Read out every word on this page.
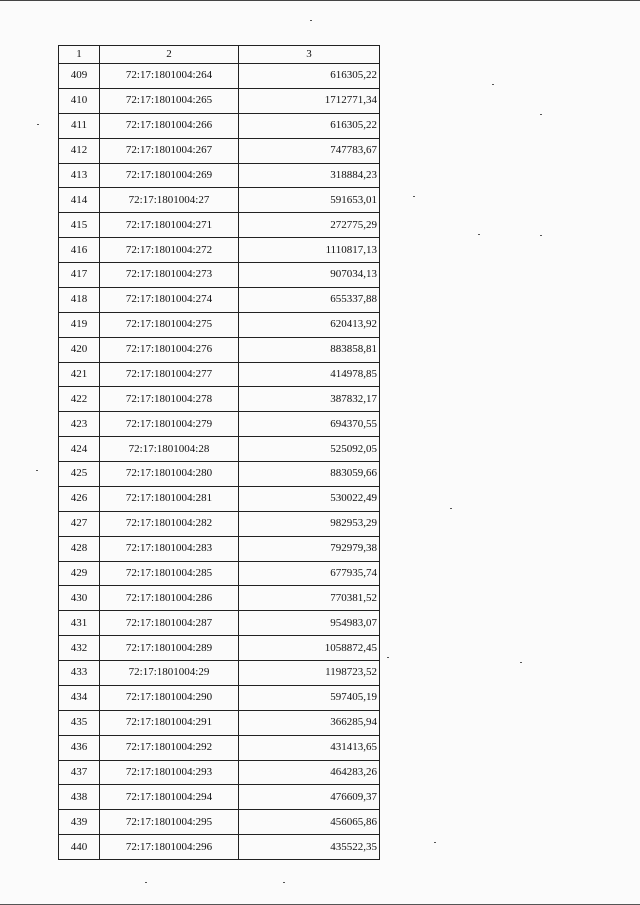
1	2	3
409	72:17:1801004:264	616305,22
410	72:17:1801004:265	1712771,34
411	72:17:1801004:266	616305,22
412	72:17:1801004:267	747783,67
413	72:17:1801004:269	318884,23
414	72:17:1801004:27	591653,01
415	72:17:1801004:271	272775,29
416	72:17:1801004:272	1110817,13
417	72:17:1801004:273	907034,13
418	72:17:1801004:274	655337,88
419	72:17:1801004:275	620413,92
420	72:17:1801004:276	883858,81
421	72:17:1801004:277	414978,85
422	72:17:1801004:278	387832,17
423	72:17:1801004:279	694370,55
424	72:17:1801004:28	525092,05
425	72:17:1801004:280	883059,66
426	72:17:1801004:281	530022,49
427	72:17:1801004:282	982953,29
428	72:17:1801004:283	792979,38
429	72:17:1801004:285	677935,74
430	72:17:1801004:286	770381,52
431	72:17:1801004:287	954983,07
432	72:17:1801004:289	1058872,45
433	72:17:1801004:29	1198723,52
434	72:17:1801004:290	597405,19
435	72:17:1801004:291	366285,94
436	72:17:1801004:292	431413,65
437	72:17:1801004:293	464283,26
438	72:17:1801004:294	476609,37
439	72:17:1801004:295	456065,86
440	72:17:1801004:296	435522,35
